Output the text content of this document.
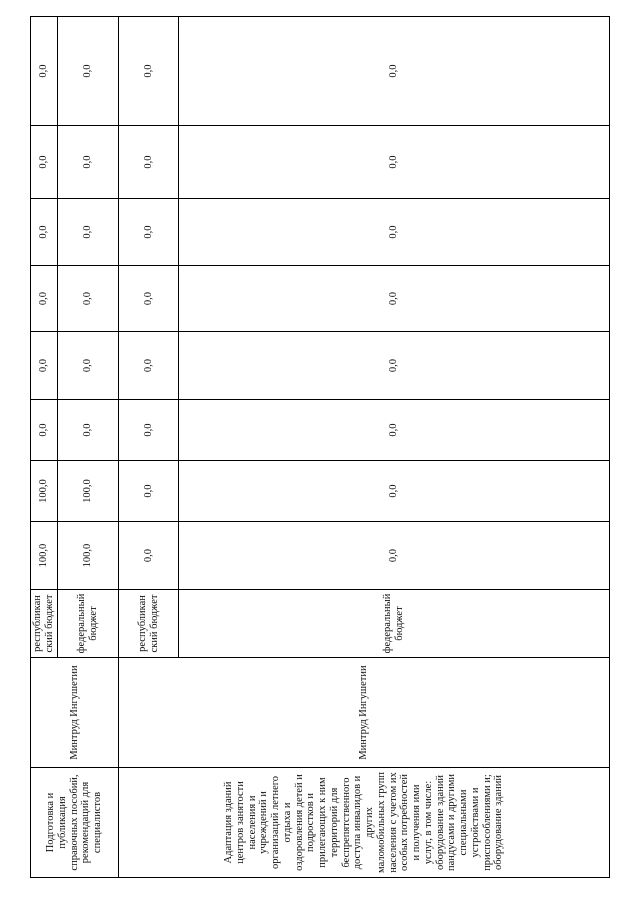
Подготовка и публикация справочных пособий, рекомендаций для специалистов	Минтруд Ингушетии	республиканский бюджет	100,0	100,0	0,0	0,0	0,0	0,0	0,0	0,0

		федеральный бюджет	100,0	100,0	0,0	0,0	0,0	0,0	0,0	0,0

Адаптация зданий центров занятости населения и учреждений и организаций летнего отдыха и оздоровления детей и подростков и прилегающих к ним территорий для беспрепятственного доступа инвалидов и других маломобильных групп населения с учетом их особых потребностей и получения ими услуг, в том числе: оборудование зданий пандусами и другими специальными устройствами и приспособлениями и; оборудование зданий	Минтруд Ингушетии	республиканский бюджет	0,0	0,0	0,0	0,0	0,0	0,0	0,0	0,0

		федеральный бюджет	0,0	0,0	0,0	0,0	0,0	0,0	0,0	0,0
